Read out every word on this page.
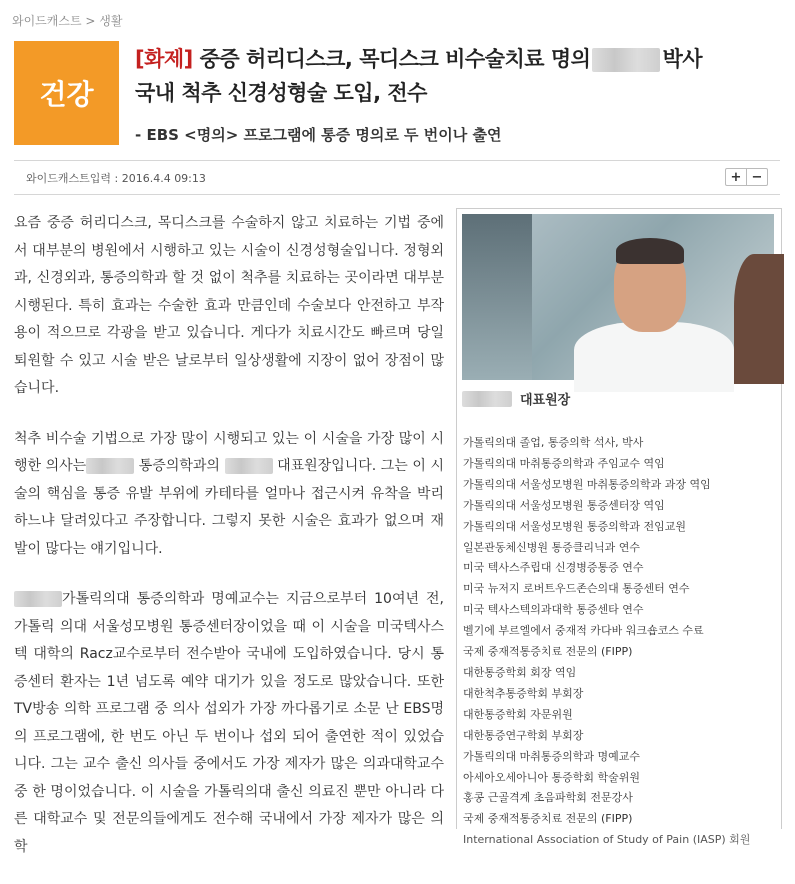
와이드캐스트 > 생활
건강
[화제] 중증 허리디스크, 목디스크 비수술치료 명의	박사
국내 척추 신경성형술 도입, 전수
- EBS <명의> 프로그램에 통증 명의로 두 번이나 출연
와이드캐스트입력 : 2016.4.4 09:13	+ −

요즘 중증 허리디스크, 목디스크를 수술하지 않고 치료하는 기법 중에서 대부분의 병원에서 시행하고 있는 시술이 신경성형술입니다. 정형외과, 신경외과, 통증의학과 할 것 없이 척추를 치료하는 곳이라면 대부분 시행된다. 특히 효과는 수술한 효과 만큼인데 수술보다 안전하고 부작용이 적으므로 각광을 받고 있습니다. 게다가 치료시간도 빠르며 당일 퇴원할 수 있고 시술 받은 날로부터 일상생활에 지장이 없어 장점이 많습니다.

척추 비수술 기법으로 가장 많이 시행되고 있는 이 시술을 가장 많이 시행한 의사는	통증의학과의	대표원장입니다. 그는 이 시술의 핵심을 통증 유발 부위에 카테타를 얼마나 접근시켜 유착을 박리하느냐 달려있다고 주장합니다. 그렇지 못한 시술은 효과가 없으며 재발이 많다는 얘기입니다.

가톨릭의대 통증의학과 명예교수는 지금으로부터 10여년 전, 가톨릭 의대 서울성모병원 통증센터장이었을 때 이 시술을 미국텍사스텍 대학의 Racz교수로부터 전수받아 국내에 도입하였습니다. 당시 통증센터 환자는 1년 넘도록 예약 대기가 있을 정도로 많았습니다. 또한 TV방송 의학 프로그램 중 의사 섭외가 가장 까다롭기로 소문 난 EBS명의 프로그램에, 한 번도 아닌 두 번이나 섭외 되어 출연한 적이 있었습니다. 그는 교수 출신 의사들 중에서도 가장 제자가 많은 의과대학교수 중 한 명이었습니다. 이 시술을 가톨릭의대 출신 의료진 뿐만 아니라 다른 대학교수 및 전문의들에게도 전수해 국내에서 가장 제자가 많은 의학

대표원장
가톨릭의대 졸업, 통증의학 석사, 박사
가톨릭의대 마취통증의학과 주임교수 역임
가톨릭의대 서울성모병원 마취통증의학과 과장 역임
가톨릭의대 서울성모병원 통증센터장 역임
가톨릭의대 서울성모병원 통증의학과 전임교원
일본관동체신병원 통증클리닉과 연수
미국 텍사스주립대 신경병증통증 연수
미국 뉴저지 로버트우드존슨의대 통증센터 연수
미국 텍사스텍의과대학 통증센타 연수
벨기에 부르엘에서 중재적 카다바 워크숍코스 수료
국제 중재적통증치료 전문의 (FIPP)
대한통증학회 회장 역임
대한척추통증학회 부회장
대한통증학회 자문위원
대한통증연구학회 부회장
가톨릭의대 마취통증의학과 명예교수
아세아오세아니아 통증학회 학술위원
홍콩 근골격계 초음파학회 전문강사
국제 중재적통증치료 전문의 (FIPP)
International Association of Study of Pain (IASP) 회원
